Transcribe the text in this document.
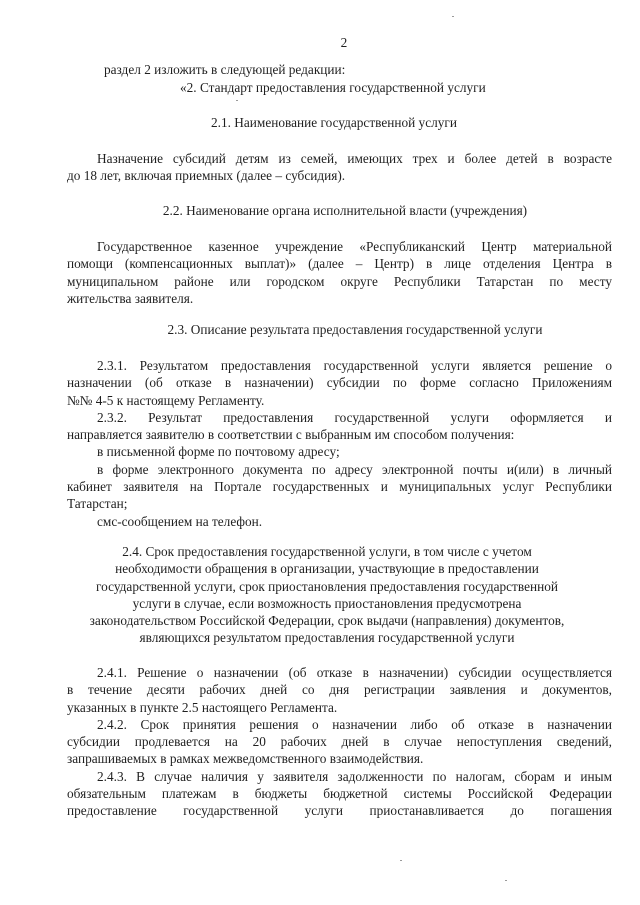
2
раздел 2 изложить в следующей редакции:
«2. Стандарт предоставления государственной услуги
2.1. Наименование государственной услуги
Назначение субсидий детям из семей, имеющих трех и более детей в возрасте
до 18 лет, включая приемных (далее – субсидия).
2.2. Наименование органа исполнительной власти (учреждения)
Государственное казенное учреждение «Республиканский Центр материальной
помощи (компенсационных выплат)» (далее – Центр) в лице отделения Центра в
муниципальном районе или городском округе Республики Татарстан по месту
жительства заявителя.
2.3. Описание результата предоставления государственной услуги
2.3.1. Результатом предоставления государственной услуги является решение о
назначении (об отказе в назначении) субсидии по форме согласно Приложениям
№№ 4-5 к настоящему Регламенту.
2.3.2. Результат предоставления государственной услуги оформляется и
направляется заявителю в соответствии с выбранным им способом получения:
в письменной форме по почтовому адресу;
в форме электронного документа по адресу электронной почты и(или) в личный
кабинет заявителя на Портале государственных и муниципальных услуг Республики
Татарстан;
смс-сообщением на телефон.
2.4. Срок предоставления государственной услуги, в том числе с учетом
необходимости обращения в организации, участвующие в предоставлении
государственной услуги, срок приостановления предоставления государственной
услуги в случае, если возможность приостановления предусмотрена
законодательством Российской Федерации, срок выдачи (направления) документов,
являющихся результатом предоставления государственной услуги
2.4.1. Решение о назначении (об отказе в назначении) субсидии осуществляется
в течение десяти рабочих дней со дня регистрации заявления и документов,
указанных в пункте 2.5 настоящего Регламента.
2.4.2. Срок принятия решения о назначении либо об отказе в назначении
субсидии продлевается на 20 рабочих дней в случае непоступления сведений,
запрашиваемых в рамках межведомственного взаимодействия.
2.4.3. В случае наличия у заявителя задолженности по налогам, сборам и иным
обязательным платежам в бюджеты бюджетной системы Российской Федерации
предоставление государственной услуги приостанавливается до погашения
